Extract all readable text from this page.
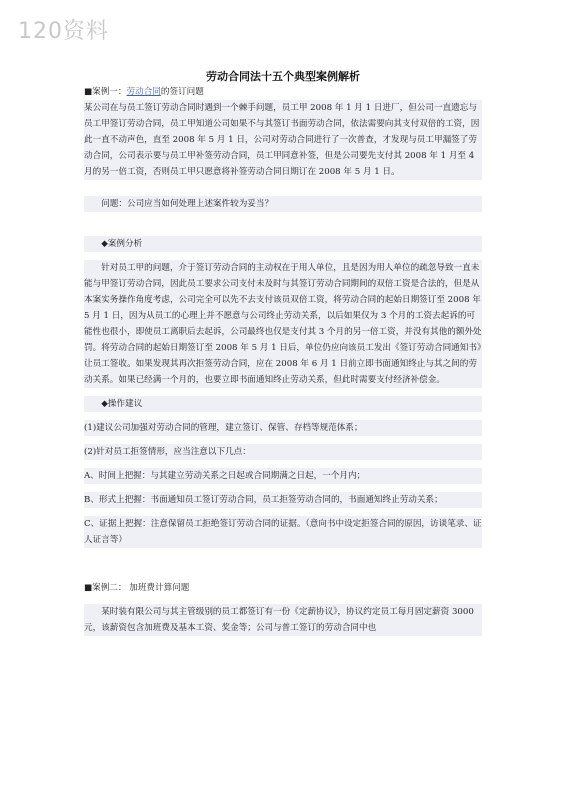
120资料
劳动合同法十五个典型案例解析

■案例一：劳动合同的签订问题

某公司在与员工签订劳动合同时遇到一个棘手问题，员工甲 2008 年 1 月 1 日进厂，但公司一直遗忘与员工甲签订劳动合同，员工甲知道公司如果不与其签订书面劳动合同，依法需要向其支付双倍的工资，因此一直不动声色，直至 2008 年 5 月 1 日，公司对劳动合同进行了一次普查，才发现与员工甲漏签了劳动合同，公司表示要与员工甲补签劳动合同，员工甲同意补签，但是公司要先支付其 2008 年 1 月至 4 月的另一倍工资，否则员工甲只愿意将补签劳动合同日期订在 2008 年 5 月 1 日。

问题：公司应当如何处理上述案件较为妥当？

◆案例分析

针对员工甲的问题，介于签订劳动合同的主动权在于用人单位，且是因为用人单位的疏忽导致一直未能与甲签订劳动合同，因此员工要求公司支付未及时与其签订劳动合同期间的双倍工资是合法的，但是从本案实务操作角度考虑，公司完全可以先不去支付该员双倍工资，将劳动合同的起始日期签订至 2008 年 5 月 1 日，因为从员工的心理上并不愿意与公司终止劳动关系，以后如果仅为 3 个月的工资去起诉的可能性也很小，即使员工离职后去起诉，公司最终也仅是支付其 3 个月的另一倍工资，并没有其他的额外处罚。将劳动合同的起始日期签订至 2008 年 5 月 1 日后，单位仍应向该员工发出《签订劳动合同通知书》让员工签收。如果发现其再次拒签劳动合同，应在 2008 年 6 月 1 日前立即书面通知终止与其之间的劳动关系。如果已经满一个月的，也要立即书面通知终止劳动关系，但此时需要支付经济补偿金。

◆操作建议

(1)建议公司加强对劳动合同的管理，建立签订、保管、存档等规范体系；

(2)针对员工拒签情形，应当注意以下几点：

A、时间上把握：与其建立劳动关系之日起或合同期满之日起，一个月内；

B、形式上把握：书面通知员工签订劳动合同，员工拒签劳动合同的，书面通知终止劳动关系；

C、证据上把握：注意保留员工拒绝签订劳动合同的证据。（意向书中设定拒签合同的原因，访谈笔录、证人证言等）

■案例二： 加班费计算问题

某时装有限公司与其主管级别的员工都签订有一份《定薪协议》，协议约定员工每月固定薪资 3000 元，该薪资包含加班费及基本工资、奖金等；公司与普工签订的劳动合同中也
